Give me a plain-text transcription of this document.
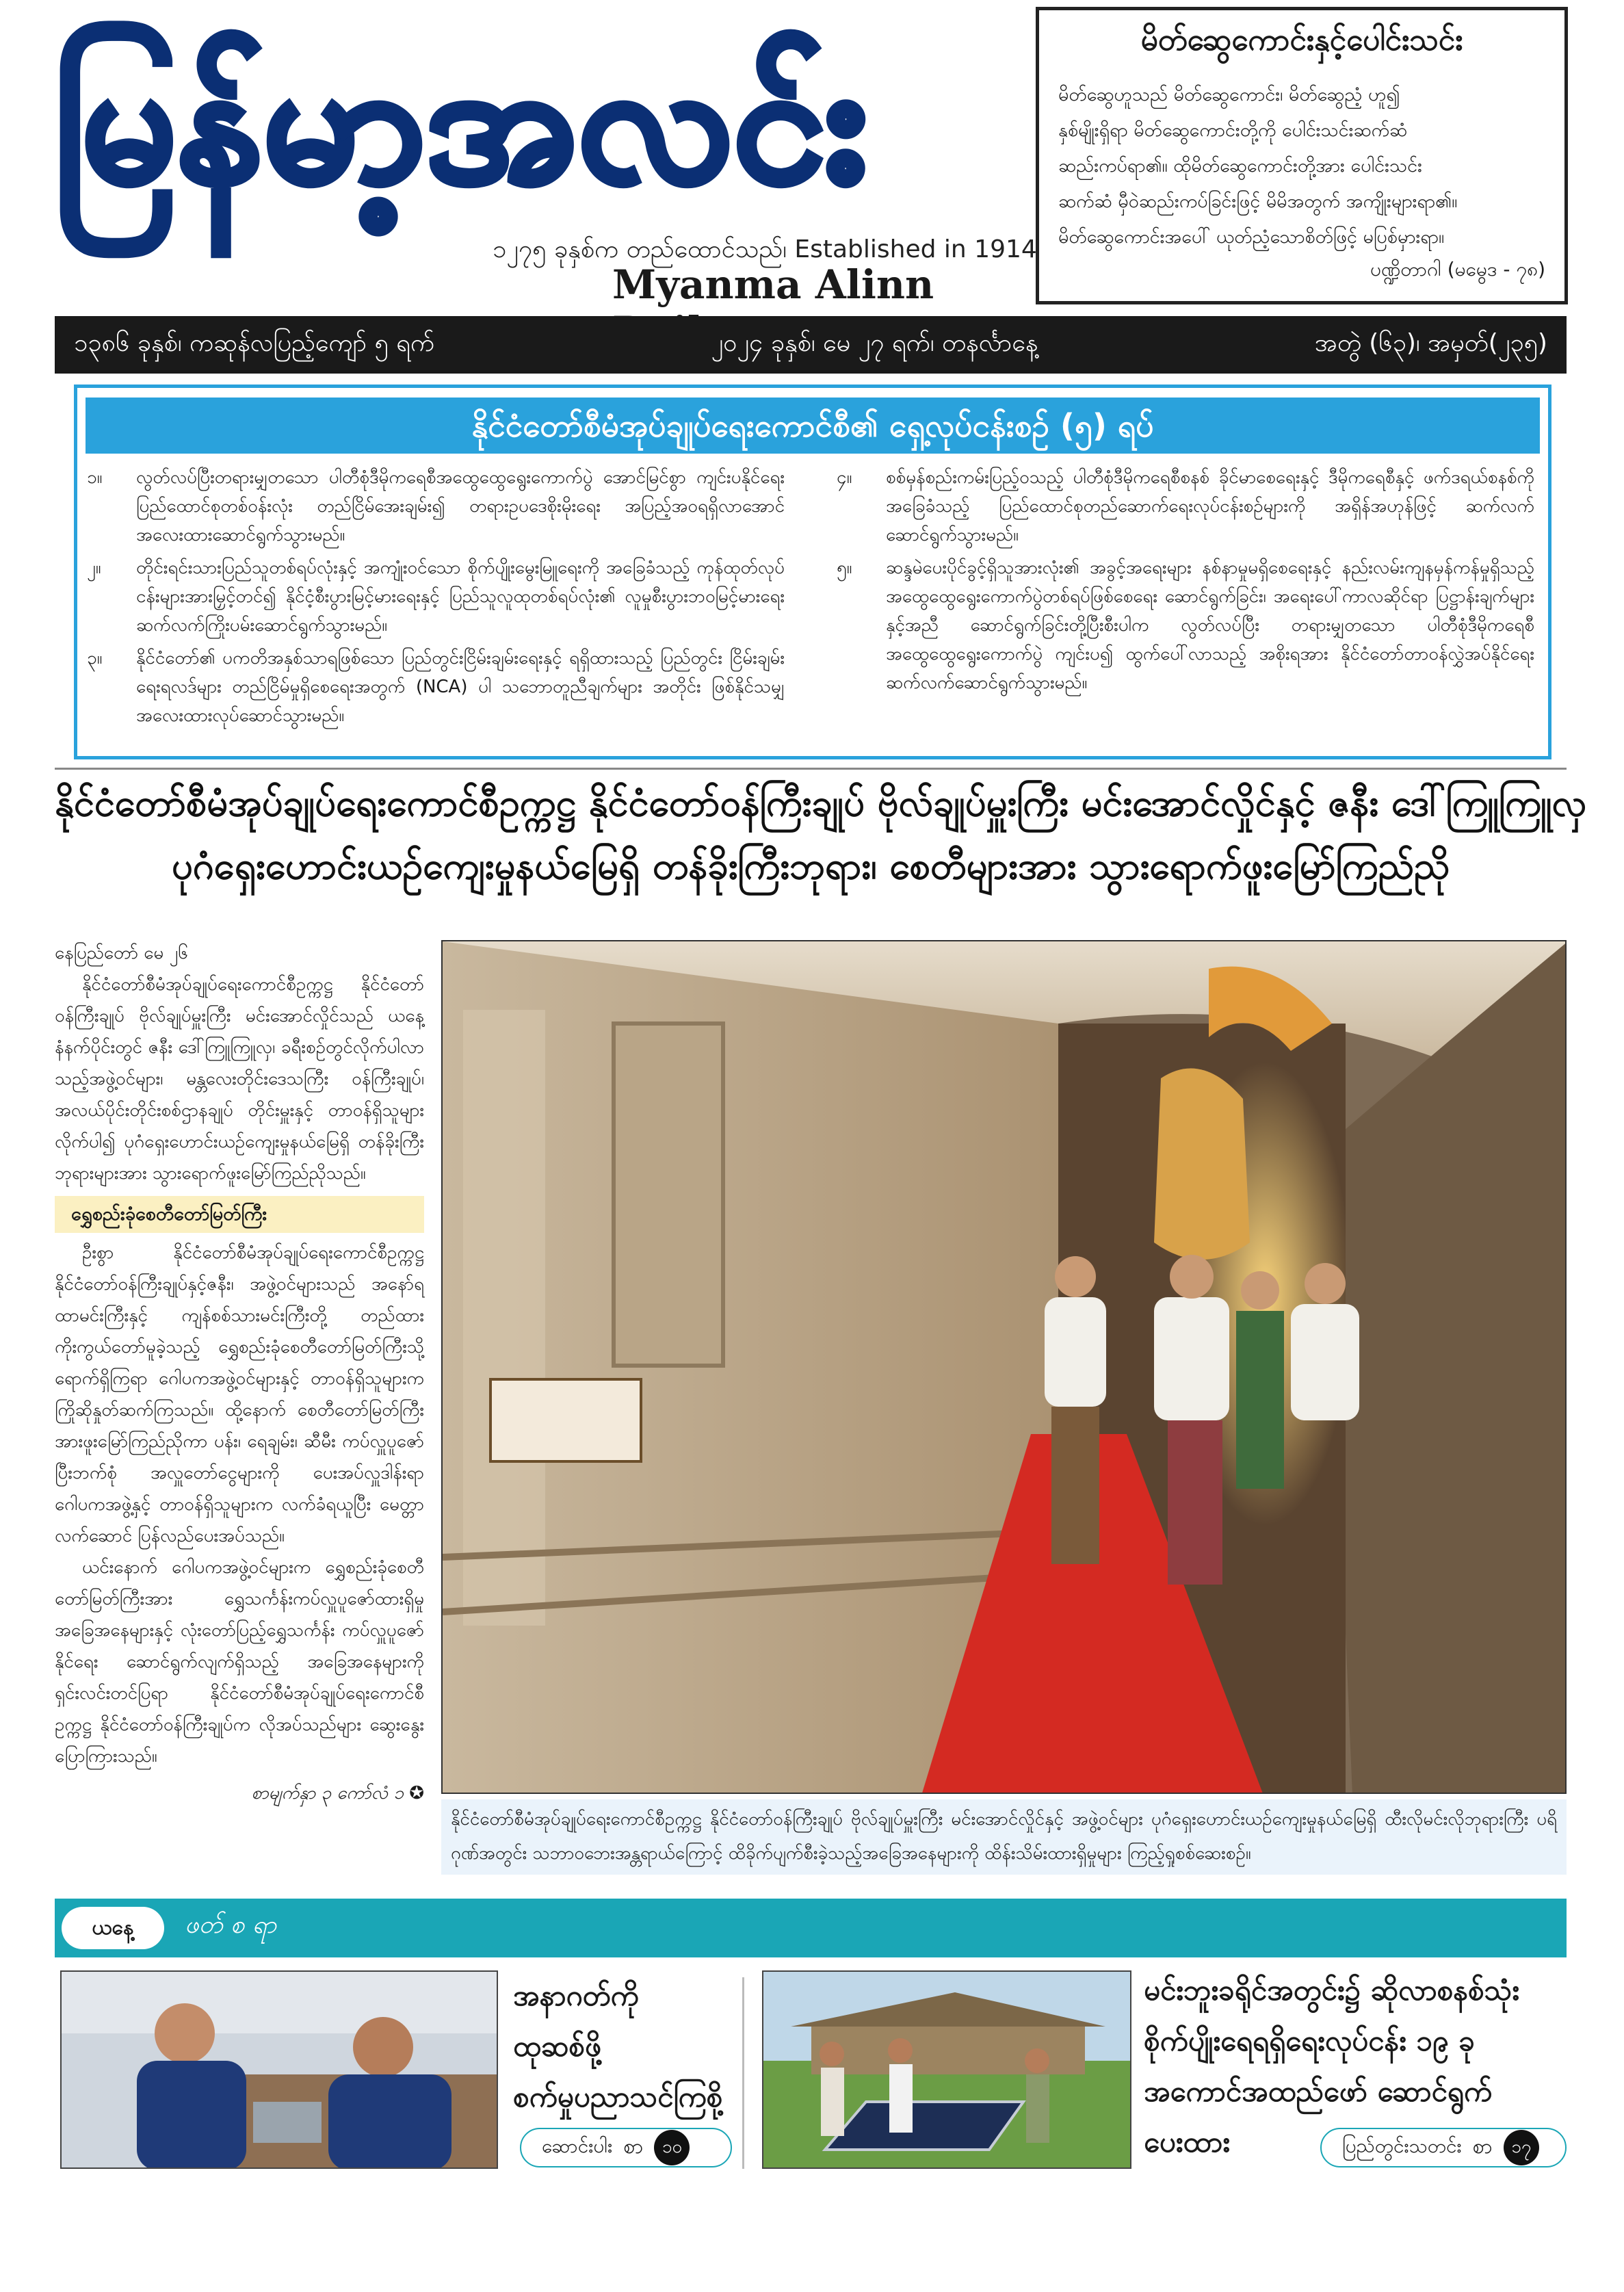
မြန်မာ့အလင်း
၁၂၇၅ ခုနှစ်က တည်ထောင်သည်၊ Established in 1914
Myanma Alinn
မိတ်ဆွေကောင်းနှင့်ပေါင်းသင်း
မိတ်ဆွေဟူသည် မိတ်ဆွေကောင်း၊ မိတ်ဆွေညံ့ ဟူ၍
နှစ်မျိုးရှိရာ မိတ်ဆွေကောင်းတို့ကို ပေါင်းသင်းဆက်ဆံ
ဆည်းကပ်ရာ၏။ ထိုမိတ်ဆွေကောင်းတို့အား ပေါင်းသင်း
ဆက်ဆံ မှီဝဲဆည်းကပ်ခြင်းဖြင့် မိမိအတွက် အကျိုးများရာ၏။
မိတ်ဆွေကောင်းအပေါ် ယုတ်ညံ့သောစိတ်ဖြင့် မပြစ်မှားရာ။
ပဏ္ဍိတာဂါ (မမွေဒ - ၇၈)
၁၃၈၆ ခုနှစ်၊ ကဆုန်လပြည့်ကျော် ၅ ရက်	၂၀၂၄ ခုနှစ်၊ မေ ၂၇ ရက်၊ တနင်္လာနေ့	အတွဲ (၆၃)၊ အမှတ်(၂၃၅)
နိုင်ငံတော်စီမံအုပ်ချုပ်ရေးကောင်စီ၏ ရှေ့လုပ်ငန်းစဉ် (၅) ရပ်
၁။	လွတ်လပ်ပြီးတရားမျှတသော ပါတီစုံဒီမိုကရေစီအထွေထွေရွေးကောက်ပွဲ အောင်မြင်စွာ ကျင်းပနိုင်ရေး ပြည်ထောင်စုတစ်ဝန်းလုံး တည်ငြိမ်အေးချမ်း၍ တရားဥပဒေစိုးမိုးရေး အပြည့်အဝရရှိလာအောင် အလေးထားဆောင်ရွက်သွားမည်။
၂။	တိုင်းရင်းသားပြည်သူတစ်ရပ်လုံးနှင့် အကျုံးဝင်သော စိုက်ပျိုးမွေးမြူရေးကို အခြေခံသည့် ကုန်ထုတ်လုပ်ငန်းများအားမြှင့်တင်၍ နိုင်ငံ့စီးပွားမြင့်မားရေးနှင့် ပြည်သူလူထုတစ်ရပ်လုံး၏ လူမှုစီးပွားဘဝမြင့်မားရေး ဆက်လက်ကြိုးပမ်းဆောင်ရွက်သွားမည်။
၃။	နိုင်ငံတော်၏ ပကတိအနှစ်သာရဖြစ်သော ပြည်တွင်းငြိမ်းချမ်းရေးနှင့် ရရှိထားသည့် ပြည်တွင်း ငြိမ်းချမ်းရေးရလဒ်များ တည်ငြိမ်မှုရှိစေရေးအတွက် (NCA) ပါ သဘောတူညီချက်များ အတိုင်း ဖြစ်နိုင်သမျှ အလေးထားလုပ်ဆောင်သွားမည်။
၄။	စစ်မှန်စည်းကမ်းပြည့်ဝသည့် ပါတီစုံဒီမိုကရေစီစနစ် ခိုင်မာစေရေးနှင့် ဒီမိုကရေစီနှင့် ဖက်ဒရယ်စနစ်ကိုအခြေခံသည့် ပြည်ထောင်စုတည်ဆောက်ရေးလုပ်ငန်းစဉ်များကို အရှိန်အဟုန်ဖြင့် ဆက်လက်ဆောင်ရွက်သွားမည်။
၅။	ဆန္ဒမဲပေးပိုင်ခွင့်ရှိသူအားလုံး၏ အခွင့်အရေးများ နစ်နာမှုမရှိစေရေးနှင့် နည်းလမ်းကျနမှန်ကန်မှုရှိသည့် အထွေထွေရွေးကောက်ပွဲတစ်ရပ်ဖြစ်စေရေး ဆောင်ရွက်ခြင်း၊ အရေးပေါ်ကာလဆိုင်ရာ ပြဋ္ဌာန်းချက်များနှင့်အညီ ဆောင်ရွက်ခြင်းတို့ပြီးစီးပါက လွတ်လပ်ပြီး တရားမျှတသော ပါတီစုံဒီမိုကရေစီအထွေထွေရွေးကောက်ပွဲ ကျင်းပ၍ ထွက်ပေါ်လာသည့် အစိုးရအား နိုင်ငံတော်တာဝန်လွှဲအပ်နိုင်ရေး ဆက်လက်ဆောင်ရွက်သွားမည်။
နိုင်ငံတော်စီမံအုပ်ချုပ်ရေးကောင်စီဥက္ကဋ္ဌ နိုင်ငံတော်ဝန်ကြီးချုပ် ဗိုလ်ချုပ်မှူးကြီး မင်းအောင်လှိုင်နှင့် ဇနီး ဒေါ်ကြူကြူလှ
ပုဂံရှေးဟောင်းယဉ်ကျေးမှုနယ်မြေရှိ တန်ခိုးကြီးဘုရား၊ စေတီများအား သွားရောက်ဖူးမြော်ကြည်ညို
နေပြည်တော် မေ ၂၆

နိုင်ငံတော်စီမံအုပ်ချုပ်ရေးကောင်စီဥက္ကဋ္ဌ နိုင်ငံတော်ဝန်ကြီးချုပ် ဗိုလ်ချုပ်မှူးကြီး မင်းအောင်လှိုင်သည် ယနေ့နံနက်ပိုင်းတွင် ဇနီး ဒေါ်ကြူကြူလှ၊ ခရီးစဉ်တွင်လိုက်ပါလာသည့်အဖွဲ့ဝင်များ၊ မန္တလေးတိုင်းဒေသကြီး ဝန်ကြီးချုပ်၊ အလယ်ပိုင်းတိုင်းစစ်ဌာနချုပ် တိုင်းမှူးနှင့် တာဝန်ရှိသူများ လိုက်ပါ၍ ပုဂံရှေးဟောင်းယဉ်ကျေးမှုနယ်မြေရှိ တန်ခိုးကြီးဘုရားများအား သွားရောက်ဖူးမြော်ကြည်ညိုသည်။

ရွှေစည်းခုံစေတီတော်မြတ်ကြီး

ဦးစွာ နိုင်ငံတော်စီမံအုပ်ချုပ်ရေးကောင်စီဥက္ကဋ္ဌ နိုင်ငံတော်ဝန်ကြီးချုပ်နှင့်ဇနီး၊ အဖွဲ့ဝင်များသည် အနော်ရထာမင်းကြီးနှင့် ကျန်စစ်သားမင်းကြီးတို့ တည်ထားကိုးကွယ်တော်မူခဲ့သည့် ရွှေစည်းခုံစေတီတော်မြတ်ကြီးသို့ ရောက်ရှိကြရာ ဂေါပကအဖွဲ့ဝင်များနှင့် တာဝန်ရှိသူများက ကြိုဆိုနှုတ်ဆက်ကြသည်။ ထို့နောက် စေတီတော်မြတ်ကြီးအားဖူးမြော်ကြည်ညိုကာ ပန်း၊ ရေချမ်း၊ ဆီမီး ကပ်လှူပူဇော်ပြီးဘက်စုံ အလှူတော်ငွေများကို ပေးအပ်လှူဒါန်းရာ ဂေါပကအဖွဲ့နှင့် တာဝန်ရှိသူများက လက်ခံရယူပြီး မေတ္တာ လက်ဆောင် ပြန်လည်ပေးအပ်သည်။

ယင်းနောက် ဂေါပကအဖွဲ့ဝင်များက ရွှေစည်းခုံစေတီတော်မြတ်ကြီးအား ရွှေသင်္ကန်းကပ်လှူပူဇော်ထားရှိမှု အခြေအနေများနှင့် လုံးတော်ပြည့်ရွှေသင်္ကန်း ကပ်လှူပူဇော်နိုင်ရေး ဆောင်ရွက်လျက်ရှိသည့် အခြေအနေများကို ရှင်းလင်းတင်ပြရာ နိုင်ငံတော်စီမံအုပ်ချုပ်ရေးကောင်စီဥက္ကဋ္ဌ နိုင်ငံတော်ဝန်ကြီးချုပ်က လိုအပ်သည်များ ဆွေးနွေးပြောကြားသည်။

စာမျက်နှာ ၃ ကော်လံ ၁ ✪
နိုင်ငံတော်စီမံအုပ်ချုပ်ရေးကောင်စီဥက္ကဋ္ဌ နိုင်ငံတော်ဝန်ကြီးချုပ် ဗိုလ်ချုပ်မှူးကြီး မင်းအောင်လှိုင်နှင့် အဖွဲ့ဝင်များ ပုဂံရှေးဟောင်းယဉ်ကျေးမှုနယ်မြေရှိ ထီးလိုမင်းလိုဘုရားကြီး ပရိဂုဏ်အတွင်း သဘာဝဘေးအန္တရာယ်ကြောင့် ထိခိုက်ပျက်စီးခဲ့သည့်အခြေအနေများကို ထိန်းသိမ်းထားရှိမှုများ ကြည့်ရှုစစ်ဆေးစဉ်။
ယနေ့	ဖတ် စ ရာ
အနာဂတ်ကို
ထုဆစ်ဖို့
စက်မှုပညာသင်ကြစို့
ဆောင်းပါး စာ	၁၀
မင်းဘူးခရိုင်အတွင်း၌ ဆိုလာစနစ်သုံး
စိုက်ပျိုးရေရရှိရေးလုပ်ငန်း ၁၉ ခု
အကောင်အထည်ဖော် ဆောင်ရွက်
ပေးထား	ပြည်တွင်းသတင်း စာ	၁၇
